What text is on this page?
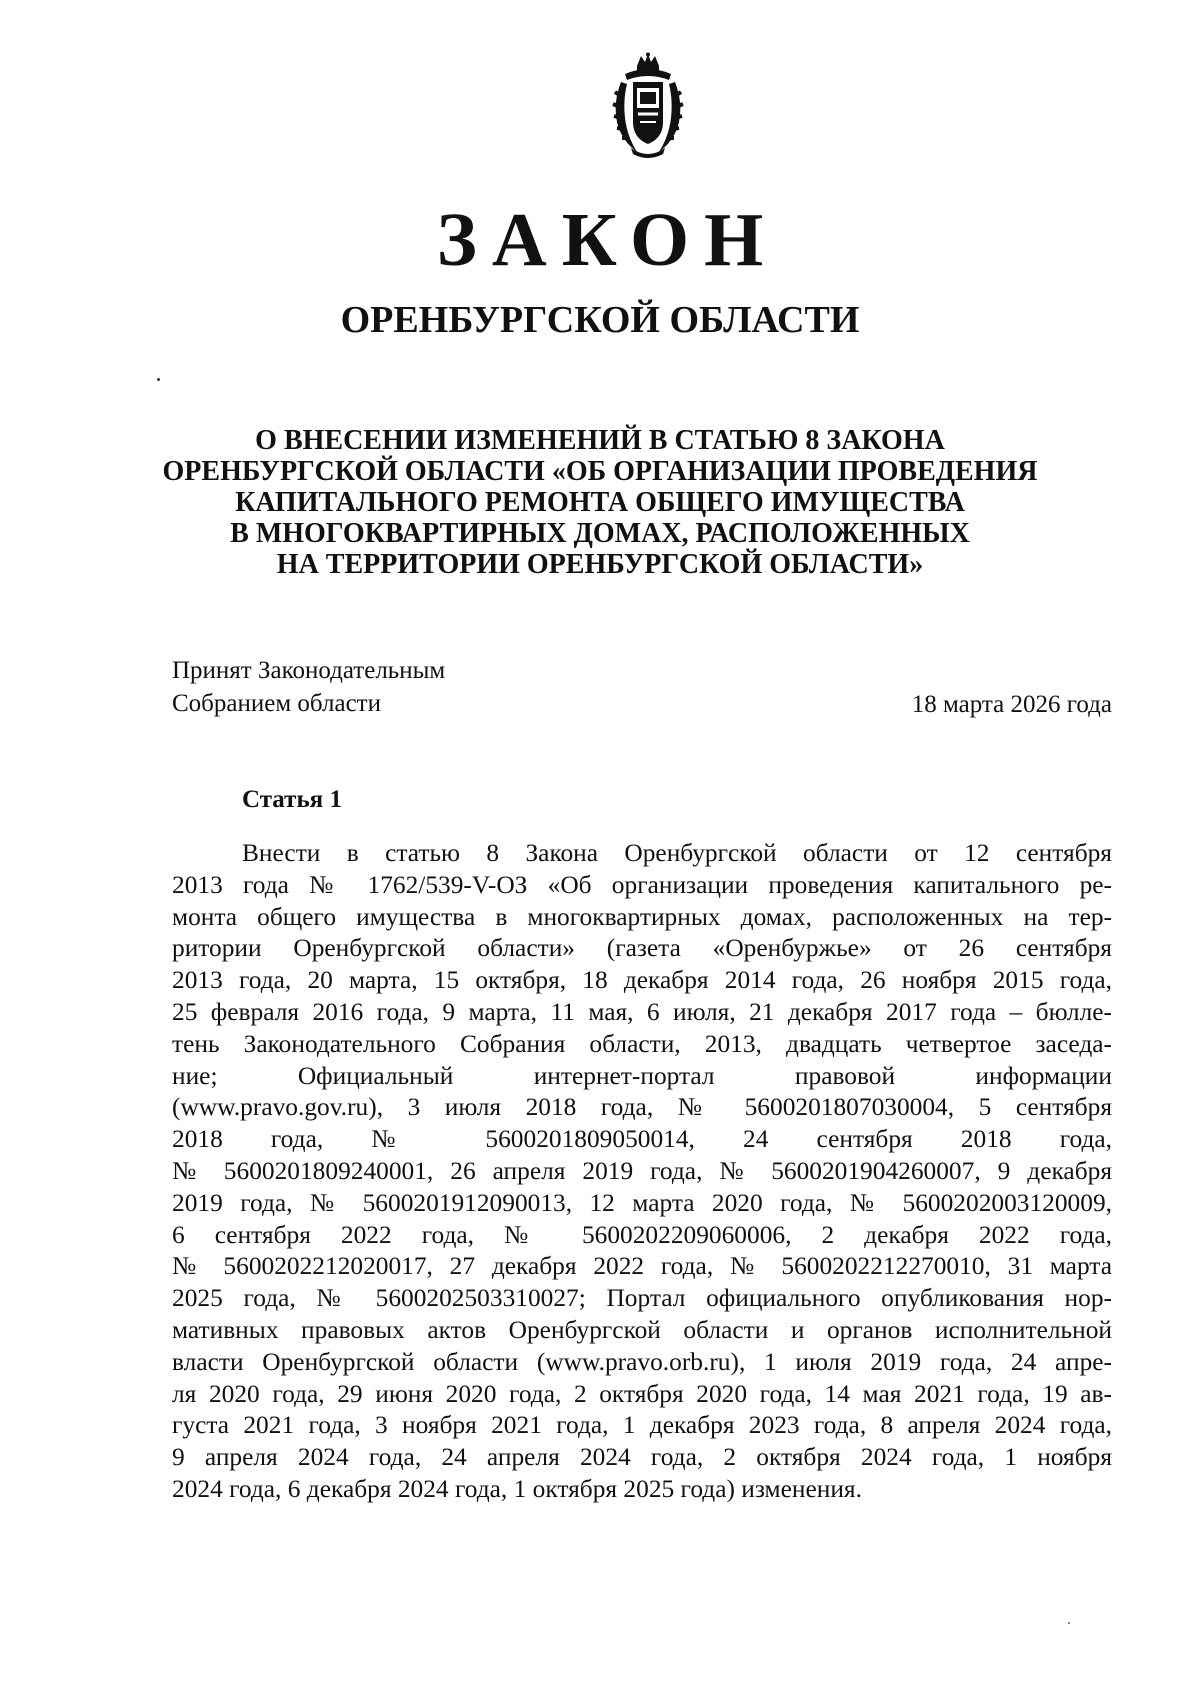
ЗАКОН
ОРЕНБУРГСКОЙ ОБЛАСТИ
О ВНЕСЕНИИ ИЗМЕНЕНИЙ В СТАТЬЮ 8 ЗАКОНА
ОРЕНБУРГСКОЙ ОБЛАСТИ «ОБ ОРГАНИЗАЦИИ ПРОВЕДЕНИЯ
КАПИТАЛЬНОГО РЕМОНТА ОБЩЕГО ИМУЩЕСТВА
В МНОГОКВАРТИРНЫХ ДОМАХ, РАСПОЛОЖЕННЫХ
НА ТЕРРИТОРИИ ОРЕНБУРГСКОЙ ОБЛАСТИ»
Принят Законодательным
Собранием области	18 марта 2026 года
Статья 1
Внести в статью 8 Закона Оренбургской области от 12 сентября
2013 года № 1762/539-V-ОЗ «Об организации проведения капитального ре-
монта общего имущества в многоквартирных домах, расположенных на тер-
ритории Оренбургской области» (газета «Оренбуржье» от 26 сентября
2013 года, 20 марта, 15 октября, 18 декабря 2014 года, 26 ноября 2015 года,
25 февраля 2016 года, 9 марта, 11 мая, 6 июля, 21 декабря 2017 года – бюлле-
тень Законодательного Собрания области, 2013, двадцать четвертое заседа-
ние; Официальный интернет-портал правовой информации
(www.pravo.gov.ru), 3 июля 2018 года, № 5600201807030004, 5 сентября
2018 года, № 5600201809050014, 24 сентября 2018 года,
№ 5600201809240001, 26 апреля 2019 года, № 5600201904260007, 9 декабря
2019 года, № 5600201912090013, 12 марта 2020 года, № 5600202003120009,
6 сентября 2022 года, № 5600202209060006, 2 декабря 2022 года,
№ 5600202212020017, 27 декабря 2022 года, № 5600202212270010, 31 марта
2025 года, № 5600202503310027; Портал официального опубликования нор-
мативных правовых актов Оренбургской области и органов исполнительной
власти Оренбургской области (www.pravo.orb.ru), 1 июля 2019 года, 24 апре-
ля 2020 года, 29 июня 2020 года, 2 октября 2020 года, 14 мая 2021 года, 19 ав-
густа 2021 года, 3 ноября 2021 года, 1 декабря 2023 года, 8 апреля 2024 года,
9 апреля 2024 года, 24 апреля 2024 года, 2 октября 2024 года, 1 ноября
2024 года, 6 декабря 2024 года, 1 октября 2025 года) изменения.
